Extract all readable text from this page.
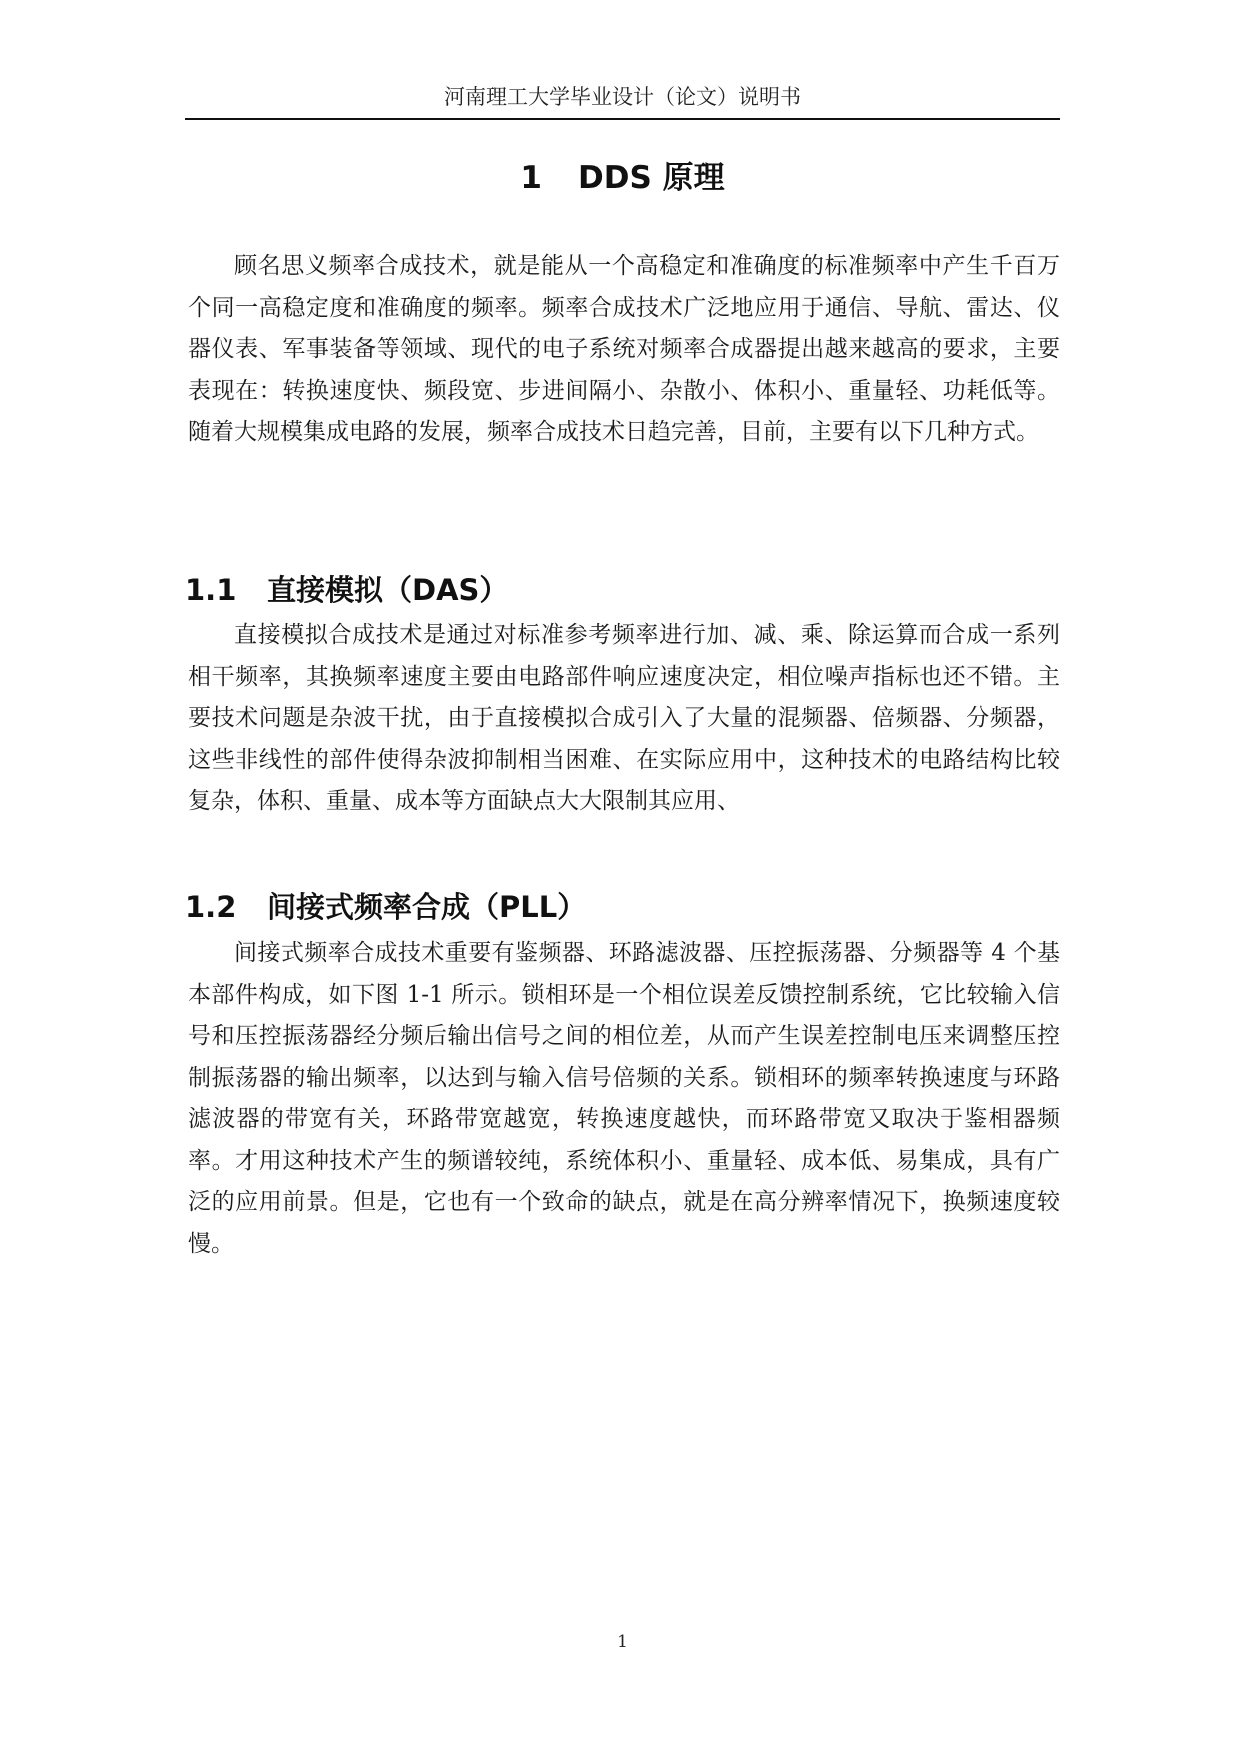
河南理工大学毕业设计（论文）说明书
1 DDS 原理

顾名思义频率合成技术，就是能从一个高稳定和准确度的标准频率中产生千百万个同一高稳定度和准确度的频率。频率合成技术广泛地应用于通信、导航、雷达、仪器仪表、军事装备等领域、现代的电子系统对频率合成器提出越来越高的要求，主要表现在：转换速度快、频段宽、步进间隔小、杂散小、体积小、重量轻、功耗低等。随着大规模集成电路的发展，频率合成技术日趋完善，目前，主要有以下几种方式。

1.1 直接模拟（DAS）

直接模拟合成技术是通过对标准参考频率进行加、减、乘、除运算而合成一系列相干频率，其换频率速度主要由电路部件响应速度决定，相位噪声指标也还不错。主要技术问题是杂波干扰，由于直接模拟合成引入了大量的混频器、倍频器、分频器，这些非线性的部件使得杂波抑制相当困难、在实际应用中，这种技术的电路结构比较复杂，体积、重量、成本等方面缺点大大限制其应用、

1.2 间接式频率合成（PLL）

间接式频率合成技术重要有鉴频器、环路滤波器、压控振荡器、分频器等 4 个基本部件构成，如下图 1-1 所示。锁相环是一个相位误差反馈控制系统，它比较输入信号和压控振荡器经分频后输出信号之间的相位差，从而产生误差控制电压来调整压控制振荡器的输出频率，以达到与输入信号倍频的关系。锁相环的频率转换速度与环路滤波器的带宽有关，环路带宽越宽，转换速度越快，而环路带宽又取决于鉴相器频率。才用这种技术产生的频谱较纯，系统体积小、重量轻、成本低、易集成，具有广泛的应用前景。但是，它也有一个致命的缺点，就是在高分辨率情况下，换频速度较慢。

1
